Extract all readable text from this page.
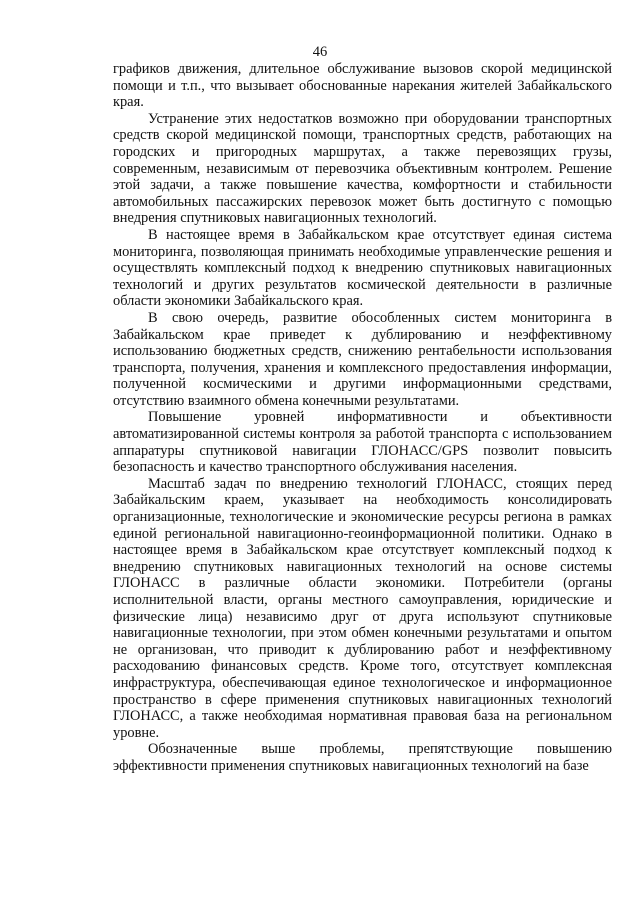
46

графиков движения, длительное обслуживание вызовов скорой медицинской помощи и т.п., что вызывает обоснованные нарекания жителей Забайкальского края.

Устранение этих недостатков возможно при оборудовании транспортных средств скорой медицинской помощи, транспортных средств, работающих на городских и пригородных маршрутах, а также перевозящих грузы, современным, независимым от перевозчика объективным контролем. Решение этой задачи, а также повышение качества, комфортности и стабильности автомобильных пассажирских перевозок может быть достигнуто с помощью внедрения спутниковых навигационных технологий.

В настоящее время в Забайкальском крае отсутствует единая система мониторинга, позволяющая принимать необходимые управленческие решения и осуществлять комплексный подход к внедрению спутниковых навигационных технологий и других результатов космической деятельности в различные области экономики Забайкальского края.

В свою очередь, развитие обособленных систем мониторинга в Забайкальском крае приведет к дублированию и неэффективному использованию бюджетных средств, снижению рентабельности использования транспорта, получения, хранения и комплексного предоставления информации, полученной космическими и другими информационными средствами, отсутствию взаимного обмена конечными результатами.

Повышение уровней информативности и объективности автоматизированной системы контроля за работой транспорта с использованием аппаратуры спутниковой навигации ГЛОНАСС/GPS позволит повысить безопасность и качество транспортного обслуживания населения.

Масштаб задач по внедрению технологий ГЛОНАСС, стоящих перед Забайкальским краем, указывает на необходимость консолидировать организационные, технологические и экономические ресурсы региона в рамках единой региональной навигационно-геоинформационной политики. Однако в настоящее время в Забайкальском крае отсутствует комплексный подход к внедрению спутниковых навигационных технологий на основе системы ГЛОНАСС в различные области экономики. Потребители (органы исполнительной власти, органы местного самоуправления, юридические и физические лица) независимо друг от друга используют спутниковые навигационные технологии, при этом обмен конечными результатами и опытом не организован, что приводит к дублированию работ и неэффективному расходованию финансовых средств. Кроме того, отсутствует комплексная инфраструктура, обеспечивающая единое технологическое и информационное пространство в сфере применения спутниковых навигационных технологий ГЛОНАСС, а также необходимая нормативная правовая база на региональном уровне.

Обозначенные выше проблемы, препятствующие повышению эффективности применения спутниковых навигационных технологий на базе
